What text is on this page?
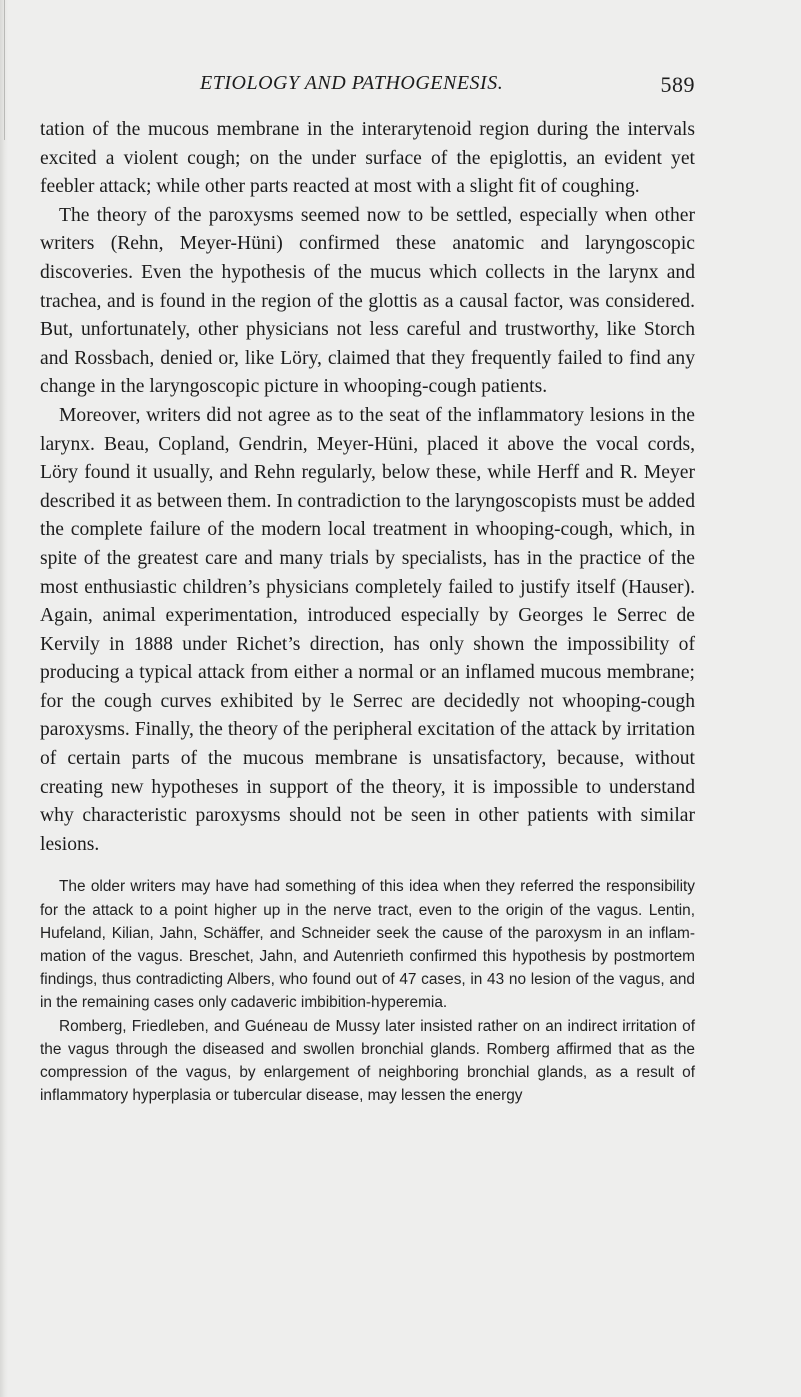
ETIOLOGY AND PATHOGENESIS.	589

tation of the mucous membrane in the interarytenoid region during the intervals excited a violent cough; on the under surface of the epiglottis, an evident yet feebler attack; while other parts reacted at most with a slight fit of coughing.

The theory of the paroxysms seemed now to be settled, especially when other writers (Rehn, Meyer-Hüni) confirmed these anatomic and laryngoscopic discoveries. Even the hypothesis of the mucus which collects in the larynx and trachea, and is found in the region of the glottis as a causal factor, was considered. But, unfortunately, other physicians not less careful and trustworthy, like Storch and Rossbach, denied or, like Löry, claimed that they frequently failed to find any change in the laryngoscopic picture in whooping-cough patients.

Moreover, writers did not agree as to the seat of the inflammatory lesions in the larynx. Beau, Copland, Gendrin, Meyer-Hüni, placed it above the vocal cords, Löry found it usually, and Rehn regularly, below these, while Herff and R. Meyer described it as between them. In contradiction to the laryngoscopists must be added the complete failure of the modern local treatment in whooping-cough, which, in spite of the greatest care and many trials by specialists, has in the practice of the most enthusiastic children’s physicians completely failed to justify itself (Hauser). Again, animal experimentation, introduced especially by Georges le Serrec de Kervily in 1888 under Richet’s direction, has only shown the impossibility of producing a typical attack from either a normal or an inflamed mucous membrane; for the cough curves exhibited by le Serrec are decidedly not whooping-cough paroxysms. Finally, the theory of the peripheral excitation of the attack by irritation of certain parts of the mucous membrane is unsatisfactory, because, without creating new hypotheses in support of the theory, it is impossible to understand why characteristic paroxysms should not be seen in other patients with similar lesions.

The older writers may have had something of this idea when they referred the responsibility for the attack to a point higher up in the nerve tract, even to the origin of the vagus. Lentin, Hufeland, Kilian, Jahn, Schäffer, and Schneider seek the cause of the paroxysm in an inflammation of the vagus. Breschet, Jahn, and Autenrieth confirmed this hypothesis by postmortem findings, thus contradicting Albers, who found out of 47 cases, in 43 no lesion of the vagus, and in the remaining cases only cadaveric imbibition-hyperemia.

Romberg, Friedleben, and Guéneau de Mussy later insisted rather on an indirect irritation of the vagus through the diseased and swollen bronchial glands. Romberg affirmed that as the compression of the vagus, by enlargement of neighboring bronchial glands, as a result of inflammatory hyperplasia or tubercular disease, may lessen the energy
